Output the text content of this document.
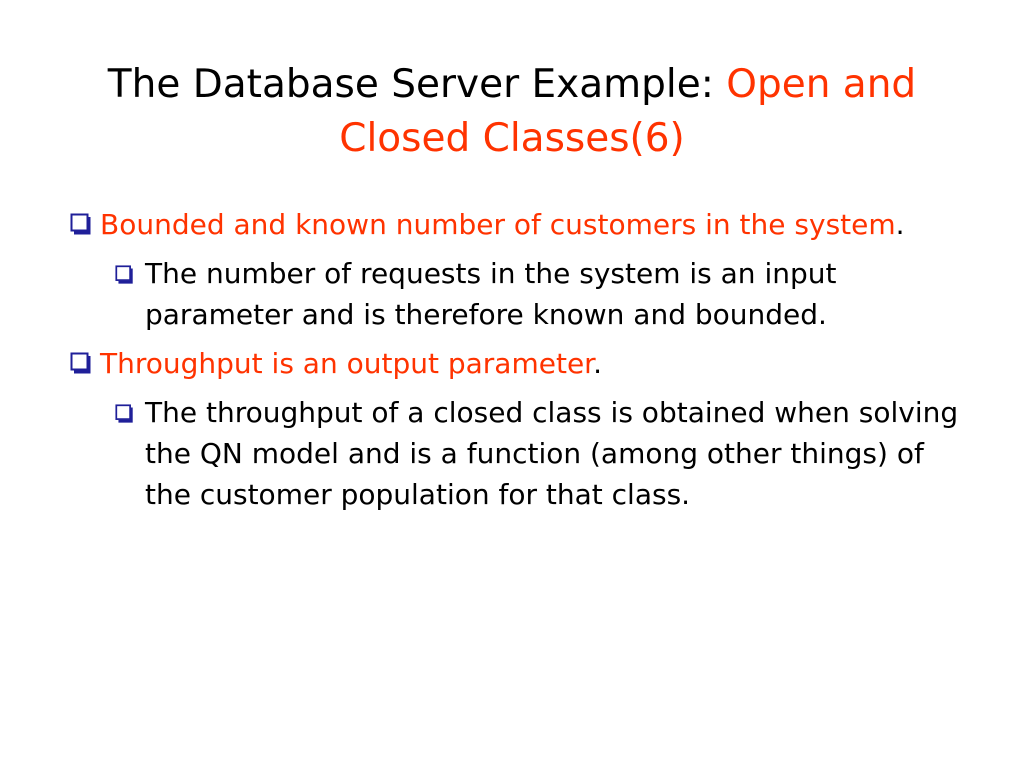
The Database Server Example: Open and Closed Classes(6)
Bounded and known number of customers in the system.
The number of requests in the system is an input parameter and is therefore known and bounded.
Throughput is an output parameter.
The throughput of a closed class is obtained when solving the QN model and is a function (among other things) of the customer population for that class.
